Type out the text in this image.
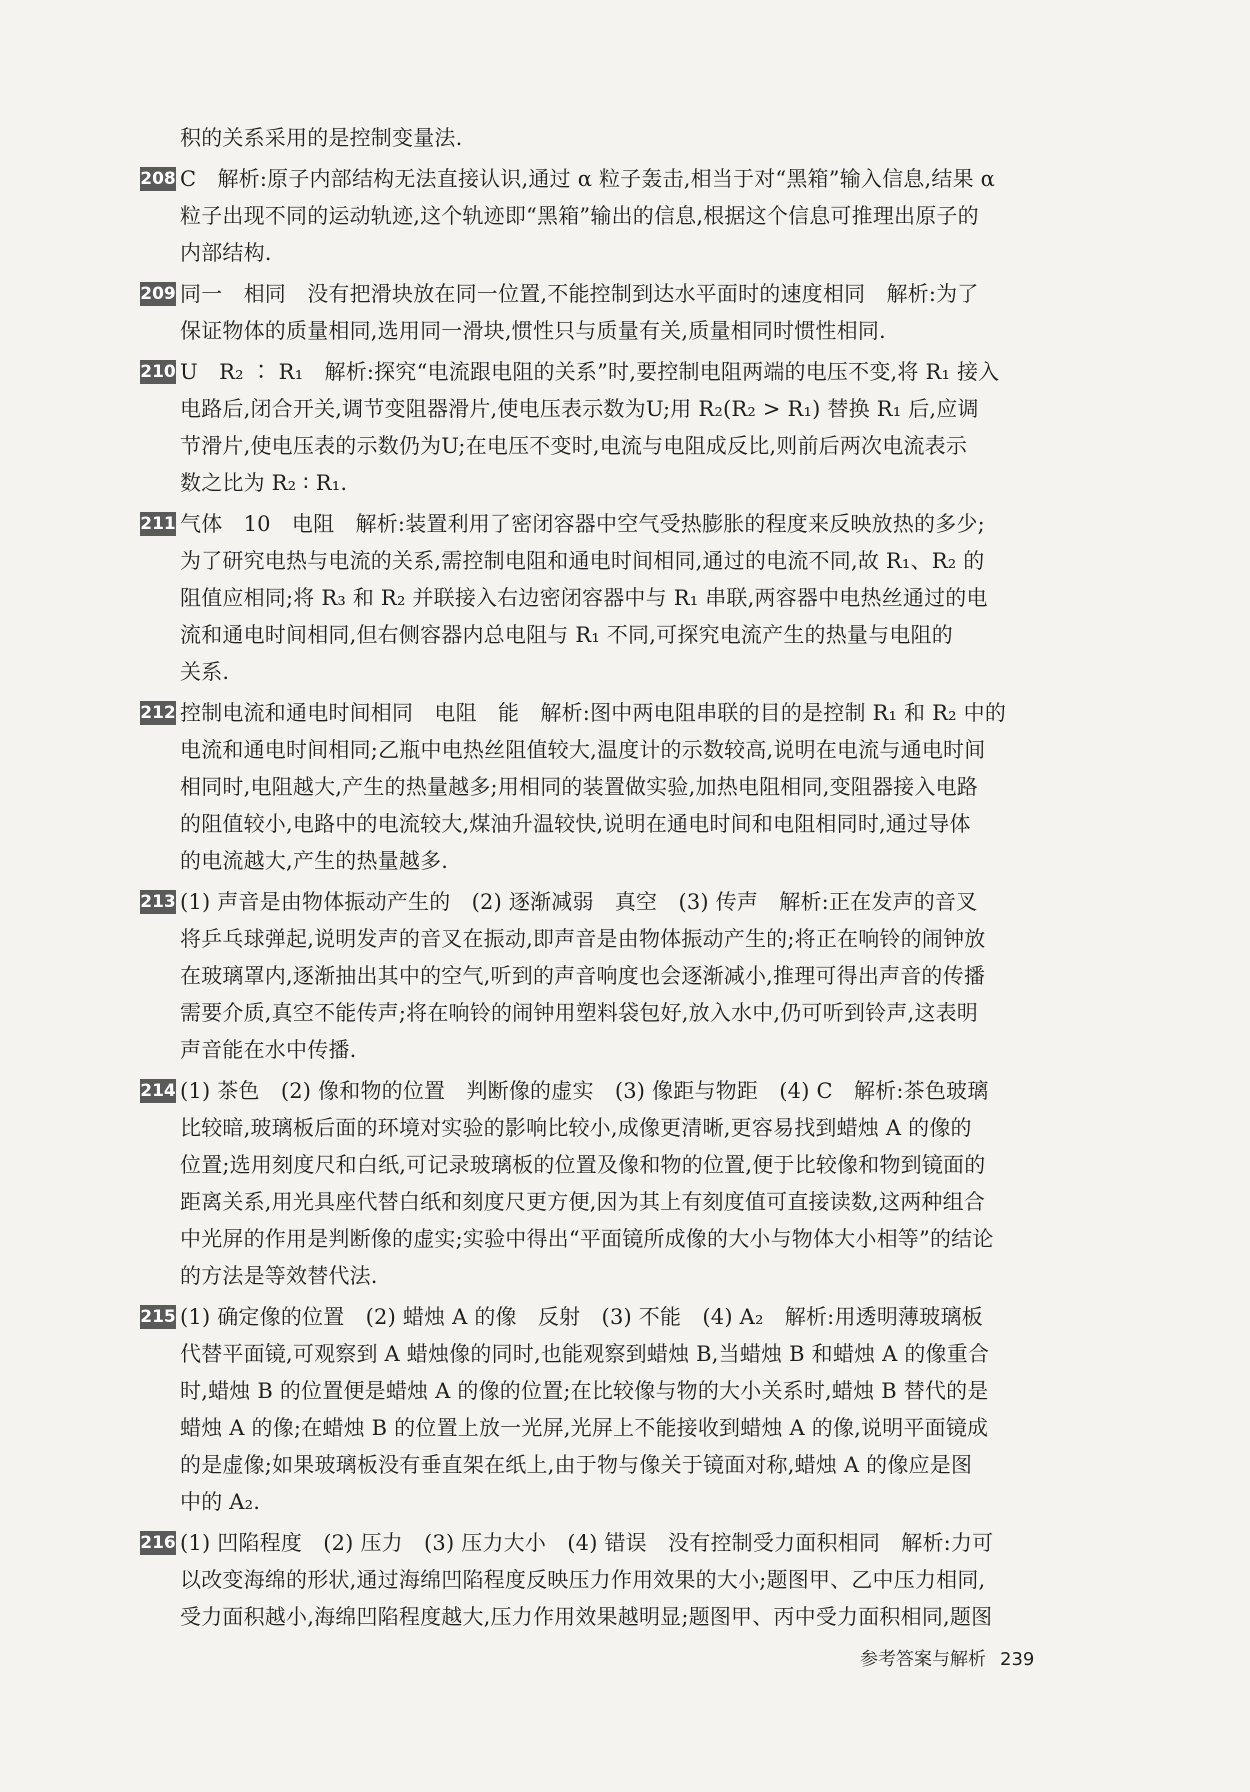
积的关系采用的是控制变量法.
208 C　解析:原子内部结构无法直接认识,通过 α 粒子轰击,相当于对“黑箱”输入信息,结果 α
粒子出现不同的运动轨迹,这个轨迹即“黑箱”输出的信息,根据这个信息可推理出原子的
内部结构.
209 同一　相同　没有把滑块放在同一位置,不能控制到达水平面时的速度相同　解析:为了
保证物体的质量相同,选用同一滑块,惯性只与质量有关,质量相同时惯性相同.
210 U　R₂ ∶ R₁　解析:探究“电流跟电阻的关系”时,要控制电阻两端的电压不变,将 R₁ 接入
电路后,闭合开关,调节变阻器滑片,使电压表示数为U;用 R₂(R₂ > R₁) 替换 R₁ 后,应调
节滑片,使电压表的示数仍为U;在电压不变时,电流与电阻成反比,则前后两次电流表示
数之比为 R₂ ∶ R₁.
211 气体　10　电阻　解析:装置利用了密闭容器中空气受热膨胀的程度来反映放热的多少;
为了研究电热与电流的关系,需控制电阻和通电时间相同,通过的电流不同,故 R₁、R₂ 的
阻值应相同;将 R₃ 和 R₂ 并联接入右边密闭容器中与 R₁ 串联,两容器中电热丝通过的电
流和通电时间相同,但右侧容器内总电阻与 R₁ 不同,可探究电流产生的热量与电阻的
关系.
212 控制电流和通电时间相同　电阻　能　解析:图中两电阻串联的目的是控制 R₁ 和 R₂ 中的
电流和通电时间相同;乙瓶中电热丝阻值较大,温度计的示数较高,说明在电流与通电时间
相同时,电阻越大,产生的热量越多;用相同的装置做实验,加热电阻相同,变阻器接入电路
的阻值较小,电路中的电流较大,煤油升温较快,说明在通电时间和电阻相同时,通过导体
的电流越大,产生的热量越多.
213 (1) 声音是由物体振动产生的　(2) 逐渐减弱　真空　(3) 传声　解析:正在发声的音叉
将乒乓球弹起,说明发声的音叉在振动,即声音是由物体振动产生的;将正在响铃的闹钟放
在玻璃罩内,逐渐抽出其中的空气,听到的声音响度也会逐渐减小,推理可得出声音的传播
需要介质,真空不能传声;将在响铃的闹钟用塑料袋包好,放入水中,仍可听到铃声,这表明
声音能在水中传播.
214 (1) 茶色　(2) 像和物的位置　判断像的虚实　(3) 像距与物距　(4) C　解析:茶色玻璃
比较暗,玻璃板后面的环境对实验的影响比较小,成像更清晰,更容易找到蜡烛 A 的像的
位置;选用刻度尺和白纸,可记录玻璃板的位置及像和物的位置,便于比较像和物到镜面的
距离关系,用光具座代替白纸和刻度尺更方便,因为其上有刻度值可直接读数,这两种组合
中光屏的作用是判断像的虚实;实验中得出“平面镜所成像的大小与物体大小相等”的结论
的方法是等效替代法.
215 (1) 确定像的位置　(2) 蜡烛 A 的像　反射　(3) 不能　(4) A₂　解析:用透明薄玻璃板
代替平面镜,可观察到 A 蜡烛像的同时,也能观察到蜡烛 B,当蜡烛 B 和蜡烛 A 的像重合
时,蜡烛 B 的位置便是蜡烛 A 的像的位置;在比较像与物的大小关系时,蜡烛 B 替代的是
蜡烛 A 的像;在蜡烛 B 的位置上放一光屏,光屏上不能接收到蜡烛 A 的像,说明平面镜成
的是虚像;如果玻璃板没有垂直架在纸上,由于物与像关于镜面对称,蜡烛 A 的像应是图
中的 A₂.
216 (1) 凹陷程度　(2) 压力　(3) 压力大小　(4) 错误　没有控制受力面积相同　解析:力可
以改变海绵的形状,通过海绵凹陷程度反映压力作用效果的大小;题图甲、乙中压力相同,
受力面积越小,海绵凹陷程度越大,压力作用效果越明显;题图甲、丙中受力面积相同,题图
参考答案与解析 239
